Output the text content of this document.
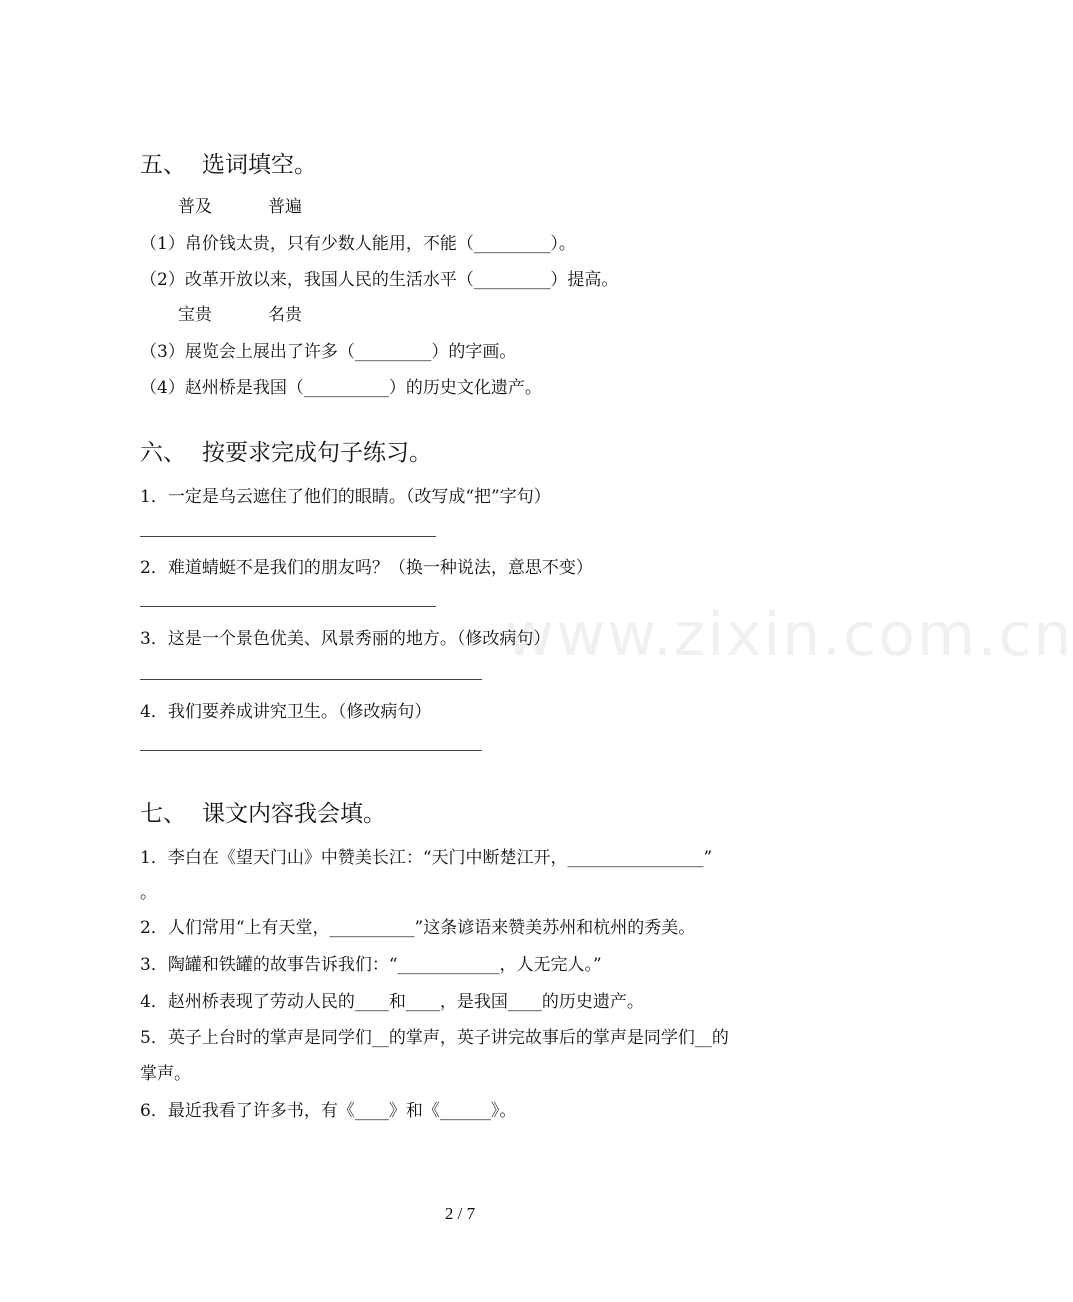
www.zixin.com.cn
五、 选词填空。
普及	普遍
（1）帛价钱太贵，只有少数人能用，不能（_________）。
（2）改革开放以来，我国人民的生活水平（_________）提高。
宝贵	名贵
（3）展览会上展出了许多（_________）的字画。
（4）赵州桥是我国（__________）的历史文化遗产。
六、 按要求完成句子练习。
1．一定是乌云遮住了他们的眼睛。（改写成“把”字句）
2．难道蜻蜓不是我们的朋友吗？（换一种说法，意思不变）
3．这是一个景色优美、风景秀丽的地方。（修改病句）
4．我们要养成讲究卫生。（修改病句）
七、 课文内容我会填。
1．李白在《望天门山》中赞美长江：“天门中断楚江开，________________”
。
2．人们常用“上有天堂，__________”这条谚语来赞美苏州和杭州的秀美。
3．陶罐和铁罐的故事告诉我们：“____________，人无完人。”
4．赵州桥表现了劳动人民的____和____，是我国____的历史遗产。
5．英子上台时的掌声是同学们__的掌声，英子讲完故事后的掌声是同学们__的
掌声。
6．最近我看了许多书，有《____》和《______》。
2 / 7
